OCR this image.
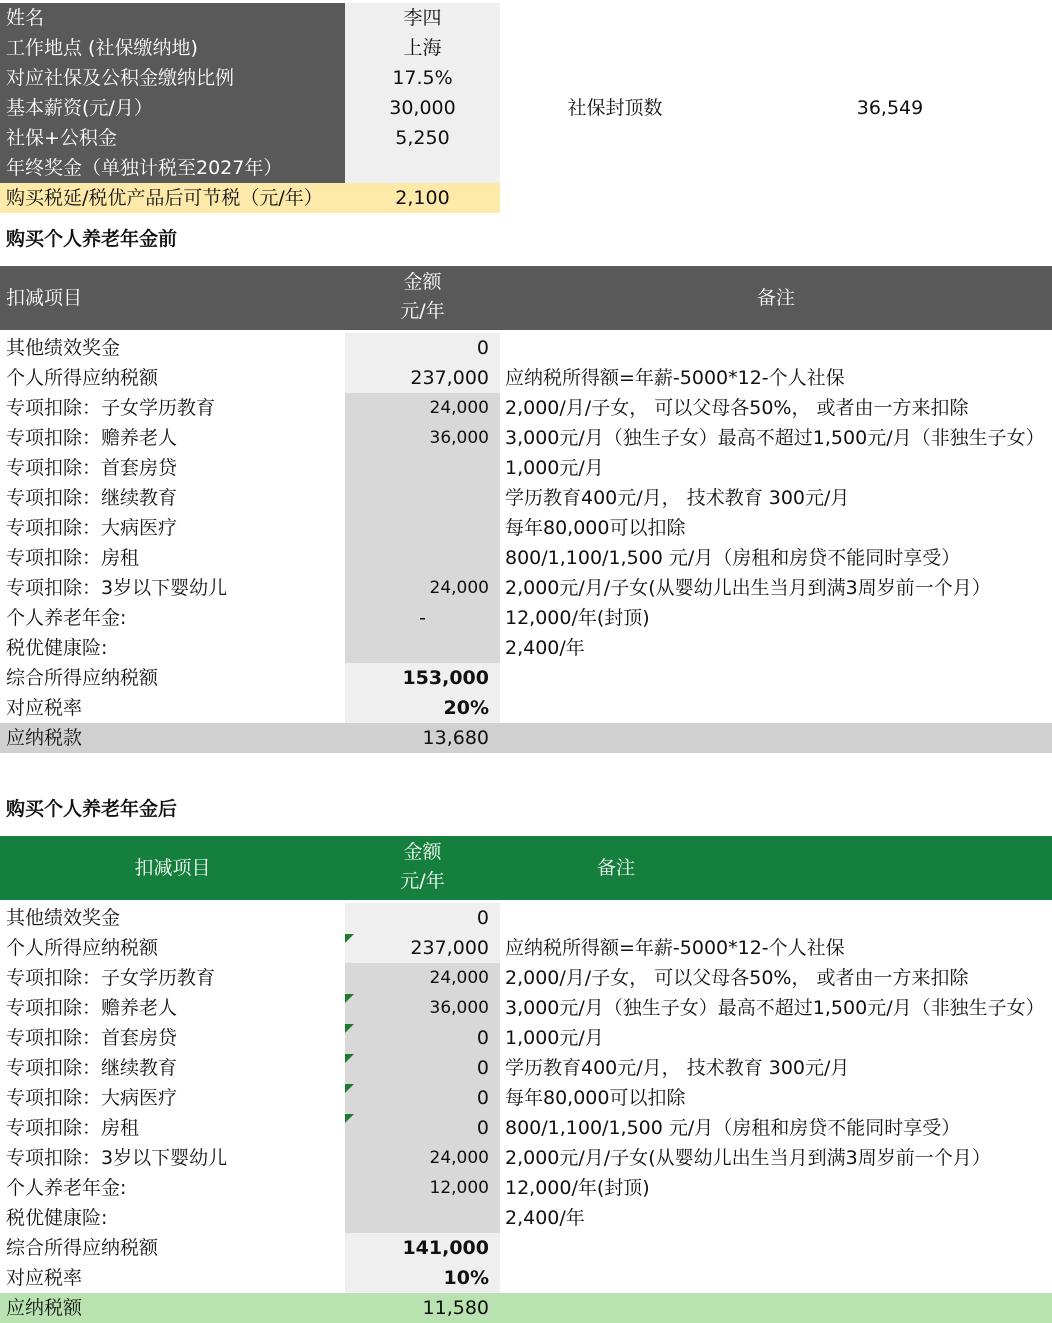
姓名	李四
工作地点 (社保缴纳地)	上海
对应社保及公积金缴纳比例	17.5%
基本薪资(元/月）	30,000	社保封顶数	36,549
社保+公积金	5,250
年终奖金（单独计税至2027年）
购买税延/税优产品后可节税（元/年）	2,100
购买个人养老年金前
扣减项目
金额
元/年
备注
其他绩效奖金	0
个人所得应纳税额	237,000 应纳税所得额=年薪-5000*12-个人社保
专项扣除：子女学历教育	24,000 2,000/月/子女， 可以父母各50%， 或者由一方来扣除
专项扣除：赡养老人	36,000 3,000元/月（独生子女）最高不超过1,500元/月（非独生子女）
专项扣除：首套房贷	1,000元/月
专项扣除：继续教育	学历教育400元/月， 技术教育 300元/月
专项扣除：大病医疗	每年80,000可以扣除
专项扣除：房租	800/1,100/1,500 元/月（房租和房贷不能同时享受）
专项扣除：3岁以下婴幼儿	24,000 2,000元/月/子女(从婴幼儿出生当月到满3周岁前一个月）
个人养老年金:	-	12,000/年(封顶)
税优健康险:	2,400/年
综合所得应纳税额	153,000
对应税率	20%
应纳税款	13,680
购买个人养老年金后
扣减项目
金额
元/年
备注
其他绩效奖金	0
个人所得应纳税额	237,000 应纳税所得额=年薪-5000*12-个人社保
专项扣除：子女学历教育	24,000 2,000/月/子女， 可以父母各50%， 或者由一方来扣除
专项扣除：赡养老人	36,000 3,000元/月（独生子女）最高不超过1,500元/月（非独生子女）
专项扣除：首套房贷	0 1,000元/月
专项扣除：继续教育	0 学历教育400元/月， 技术教育 300元/月
专项扣除：大病医疗	0 每年80,000可以扣除
专项扣除：房租	0 800/1,100/1,500 元/月（房租和房贷不能同时享受）
专项扣除：3岁以下婴幼儿	24,000 2,000元/月/子女(从婴幼儿出生当月到满3周岁前一个月）
个人养老年金:	12,000 12,000/年(封顶)
税优健康险:	2,400/年
综合所得应纳税额	141,000
对应税率	10%
应纳税额	11,580
